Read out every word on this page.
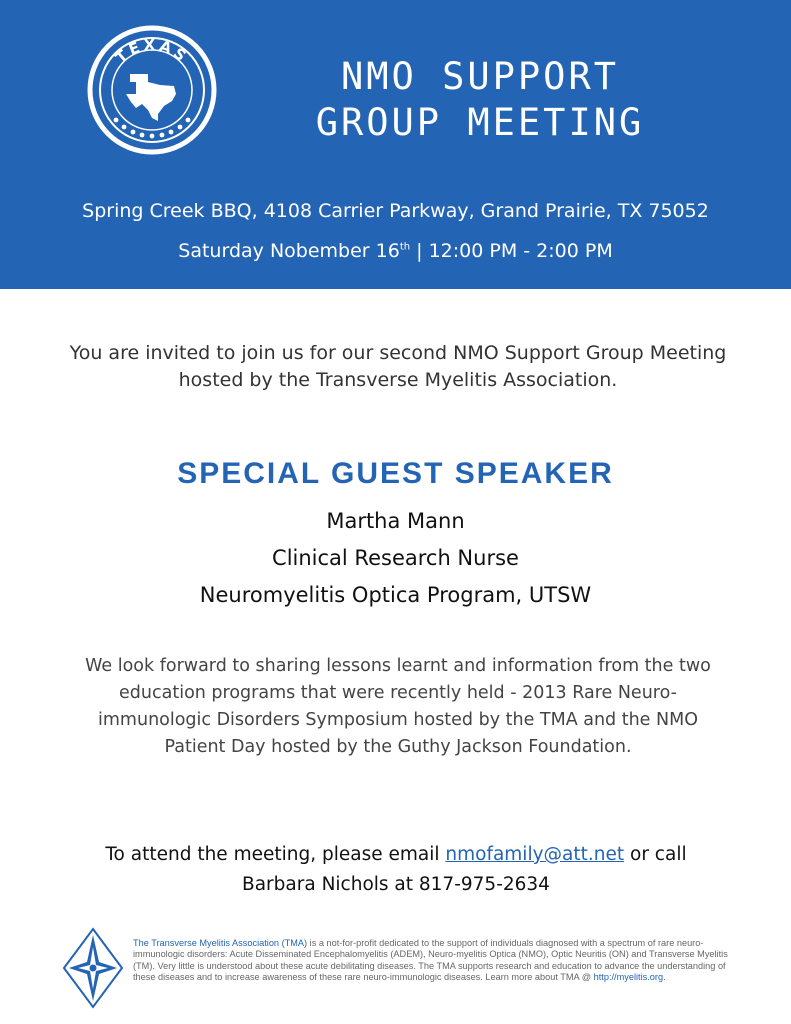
TEXAS	NMO SUPPORT
GROUP MEETING
Spring Creek BBQ, 4108 Carrier Parkway, Grand Prairie, TX 75052
Saturday Nobember 16th | 12:00 PM - 2:00 PM
You are invited to join us for our second NMO Support Group Meeting hosted by the Transverse Myelitis Association.
SPECIAL GUEST SPEAKER
Martha Mann
Clinical Research Nurse
Neuromyelitis Optica Program, UTSW
We look forward to sharing lessons learnt and information from the two education programs that were recently held - 2013 Rare Neuro-immunologic Disorders Symposium hosted by the TMA and the NMO Patient Day hosted by the Guthy Jackson Foundation.
To attend the meeting, please email nmofamily@att.net or call
Barbara Nichols at 817-975-2634
The Transverse Myelitis Association (TMA) is a not-for-profit dedicated to the support of individuals diagnosed with a spectrum of rare neuro-immunologic disorders: Acute Disseminated Encephalomyelitis (ADEM), Neuro-myelitis Optica (NMO), Optic Neuritis (ON) and Transverse Myelitis (TM). Very little is understood about these acute debilitating diseases. The TMA supports research and education to advance the understanding of these diseases and to increase awareness of these rare neuro-immunologic diseases. Learn more about TMA @ http://myelitis.org.
